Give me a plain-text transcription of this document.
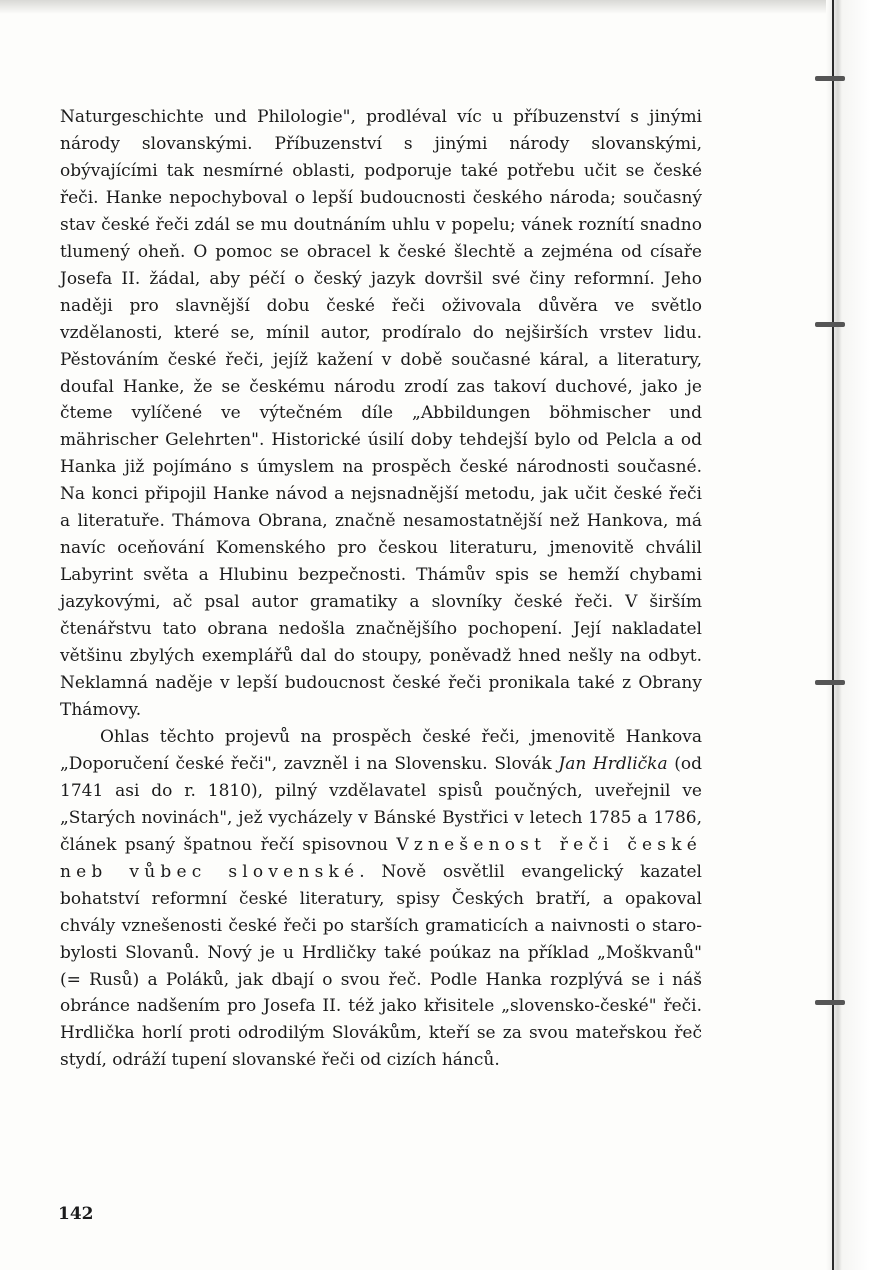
Naturgeschichte und Philologie", prodléval víc u příbuzenství s jinými národy slovanskými. Příbuzenství s jinými národy slovanskými, obývajícími tak nesmírné oblasti, podporuje také potřebu učit se české řeči. Hanke nepochyboval o lepší budoucnosti českého národa; současný stav české řeči zdál se mu doutnáním uhlu v popelu; vánek roznítí snadno tlumený oheň. O pomoc se obracel k české šlechtě a zejména od císaře Josefa II. žádal, aby péčí o český jazyk dovršil své činy reformní. Jeho naději pro slavnější dobu české řeči oživovala důvěra ve světlo vzdělanosti, které se, mínil autor, prodíralo do nejširších vrstev lidu. Pěstováním české řeči, jejíž kažení v době současné káral, a literatury, doufal Hanke, že se českému národu zrodí zas takoví duchové, jako je čteme vylíčené ve výtečném díle „Abbildungen böhmischer und mährischer Gelehrten". Historické úsilí doby tehdejší bylo od Pelcla a od Hanka již pojímáno s úmyslem na prospěch české národnosti současné. Na konci připojil Hanke návod a nejsnadnější metodu, jak učit české řeči a literatuře. Thámova Obrana, značně nesamostatnější než Hankova, má navíc oceňování Komenského pro českou literaturu, jmenovitě chválil Labyrint světa a Hlubinu bezpečnosti. Thámův spis se hemží chybami jazykovými, ač psal autor gramatiky a slovníky české řeči. V širším čtenářstvu tato obrana nedošla značnějšího pochopení. Její nakladatel většinu zbylých exemplářů dal do stoupy, poněvadž hned nešly na odbyt. Neklamná naděje v lepší budoucnost české řeči pronikala také z Obrany Thámovy.

Ohlas těchto projevů na prospěch české řeči, jmenovitě Hankova „Doporučení české řeči", zavzněl i na Slovensku. Slovák Jan Hrdlička (od 1741 asi do r. 1810), pilný vzdělavatel spisů poučných, uveřejnil ve „Starých novinách", jež vycházely v Bánské Bystřici v letech 1785 a 1786, článek psaný špatnou řečí spisovnou Vznešenost řeči české neb vůbec slovenské. Nově osvětlil evangelický kazatel bohatství reformní české literatury, spisy Českých bratří, a opakoval chvály vznešenosti české řeči po starších gramaticích a naivnosti o starobylosti Slovanů. Nový je u Hrdličky také poúkaz na příklad „Moškvanů" (= Rusů) a Poláků, jak dbají o svou řeč. Podle Hanka rozplývá se i náš obránce nadšením pro Josefa II. též jako křisitele „slovensko-české" řeči. Hrdlička horlí proti odrodilým Slovákům, kteří se za svou mateřskou řeč stydí, odráží tupení slovanské řeči od cizích hánců.

142
